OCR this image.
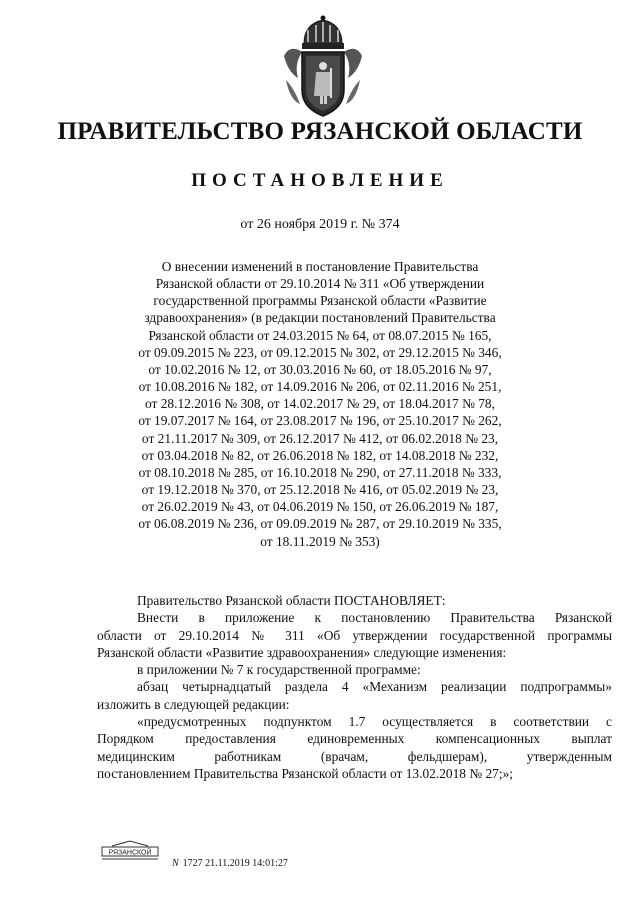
ПРАВИТЕЛЬСТВО РЯЗАНСКОЙ ОБЛАСТИ
ПОСТАНОВЛЕНИЕ
от 26 ноября 2019 г. № 374
О внесении изменений в постановление Правительства
Рязанской области от 29.10.2014 № 311 «Об утверждении
государственной программы Рязанской области «Развитие
здравоохранения» (в редакции постановлений Правительства
Рязанской области от 24.03.2015 № 64, от 08.07.2015 № 165,
от 09.09.2015 № 223, от 09.12.2015 № 302, от 29.12.2015 № 346,
от 10.02.2016 № 12, от 30.03.2016 № 60, от 18.05.2016 № 97,
от 10.08.2016 № 182, от 14.09.2016 № 206, от 02.11.2016 № 251,
от 28.12.2016 № 308, от 14.02.2017 № 29, от 18.04.2017 № 78,
от 19.07.2017 № 164, от 23.08.2017 № 196, от 25.10.2017 № 262,
от 21.11.2017 № 309, от 26.12.2017 № 412, от 06.02.2018 № 23,
от 03.04.2018 № 82, от 26.06.2018 № 182, от 14.08.2018 № 232,
от 08.10.2018 № 285, от 16.10.2018 № 290, от 27.11.2018 № 333,
от 19.12.2018 № 370, от 25.12.2018 № 416, от 05.02.2019 № 23,
от 26.02.2019 № 43, от 04.06.2019 № 150, от 26.06.2019 № 187,
от 06.08.2019 № 236, от 09.09.2019 № 287, от 29.10.2019 № 335,
от 18.11.2019 № 353)
Правительство Рязанской области ПОСТАНОВЛЯЕТ:
Внести в приложение к постановлению Правительства Рязанской
области от 29.10.2014 № 311 «Об утверждении государственной программы
Рязанской области «Развитие здравоохранения» следующие изменения:
в приложении № 7 к государственной программе:
абзац четырнадцатый раздела 4 «Механизм реализации подпрограммы»
изложить в следующей редакции:
«предусмотренных подпунктом 1.7 осуществляется в соответствии с
Порядком предоставления единовременных компенсационных выплат
медицинским работникам (врачам, фельдшерам), утвержденным
постановлением Правительства Рязанской области от 13.02.2018 № 27;»;
РЯЗАНСКОЙ
N 1727 21.11.2019 14:01:27
